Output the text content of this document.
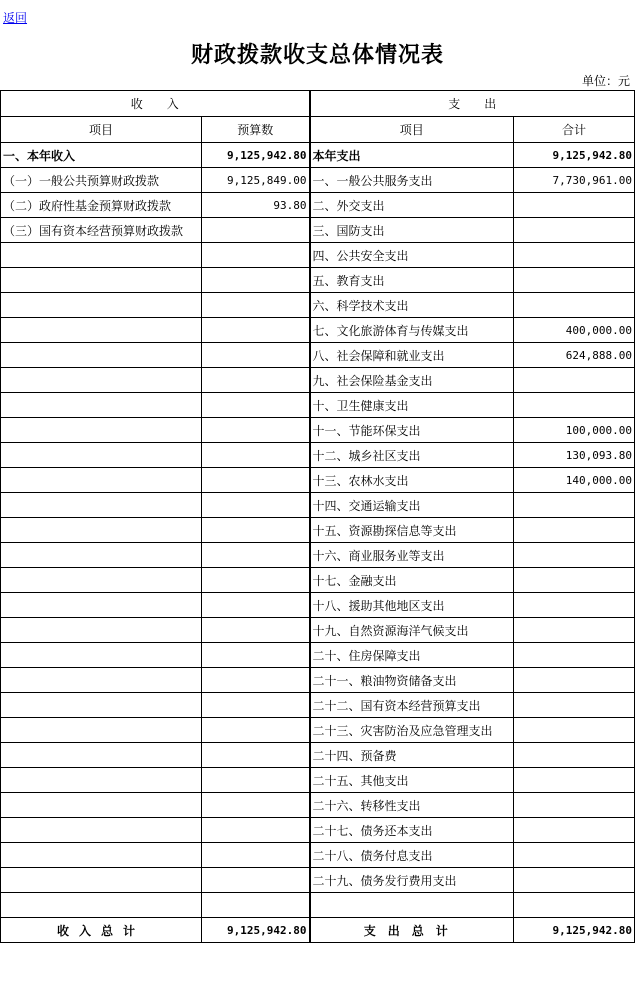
返回
财政拨款收支总体情况表
单位：元
收　　入		支　　出	
项目	预算数	项目	合计
一、本年收入	9,125,942.80	本年支出	9,125,942.80
（一）一般公共预算财政拨款	9,125,849.00	一、一般公共服务支出	7,730,961.00
（二）政府性基金预算财政拨款	93.80	二、外交支出	
（三）国有资本经营预算财政拨款		三、国防支出	
		四、公共安全支出	
		五、教育支出	
		六、科学技术支出	
		七、文化旅游体育与传媒支出	400,000.00
		八、社会保障和就业支出	624,888.00
		九、社会保险基金支出	
		十、卫生健康支出	
		十一、节能环保支出	100,000.00
		十二、城乡社区支出	130,093.80
		十三、农林水支出	140,000.00
		十四、交通运输支出	
		十五、资源勘探信息等支出	
		十六、商业服务业等支出	
		十七、金融支出	
		十八、援助其他地区支出	
		十九、自然资源海洋气候支出	
		二十、住房保障支出	
		二十一、粮油物资储备支出	
		二十二、国有资本经营预算支出	
		二十三、灾害防治及应急管理支出	
		二十四、预备费	
		二十五、其他支出	
		二十六、转移性支出	
		二十七、债务还本支出	
		二十八、债务付息支出	
		二十九、债务发行费用支出	

收入总计	9,125,942.80	支出总计	9,125,942.80
